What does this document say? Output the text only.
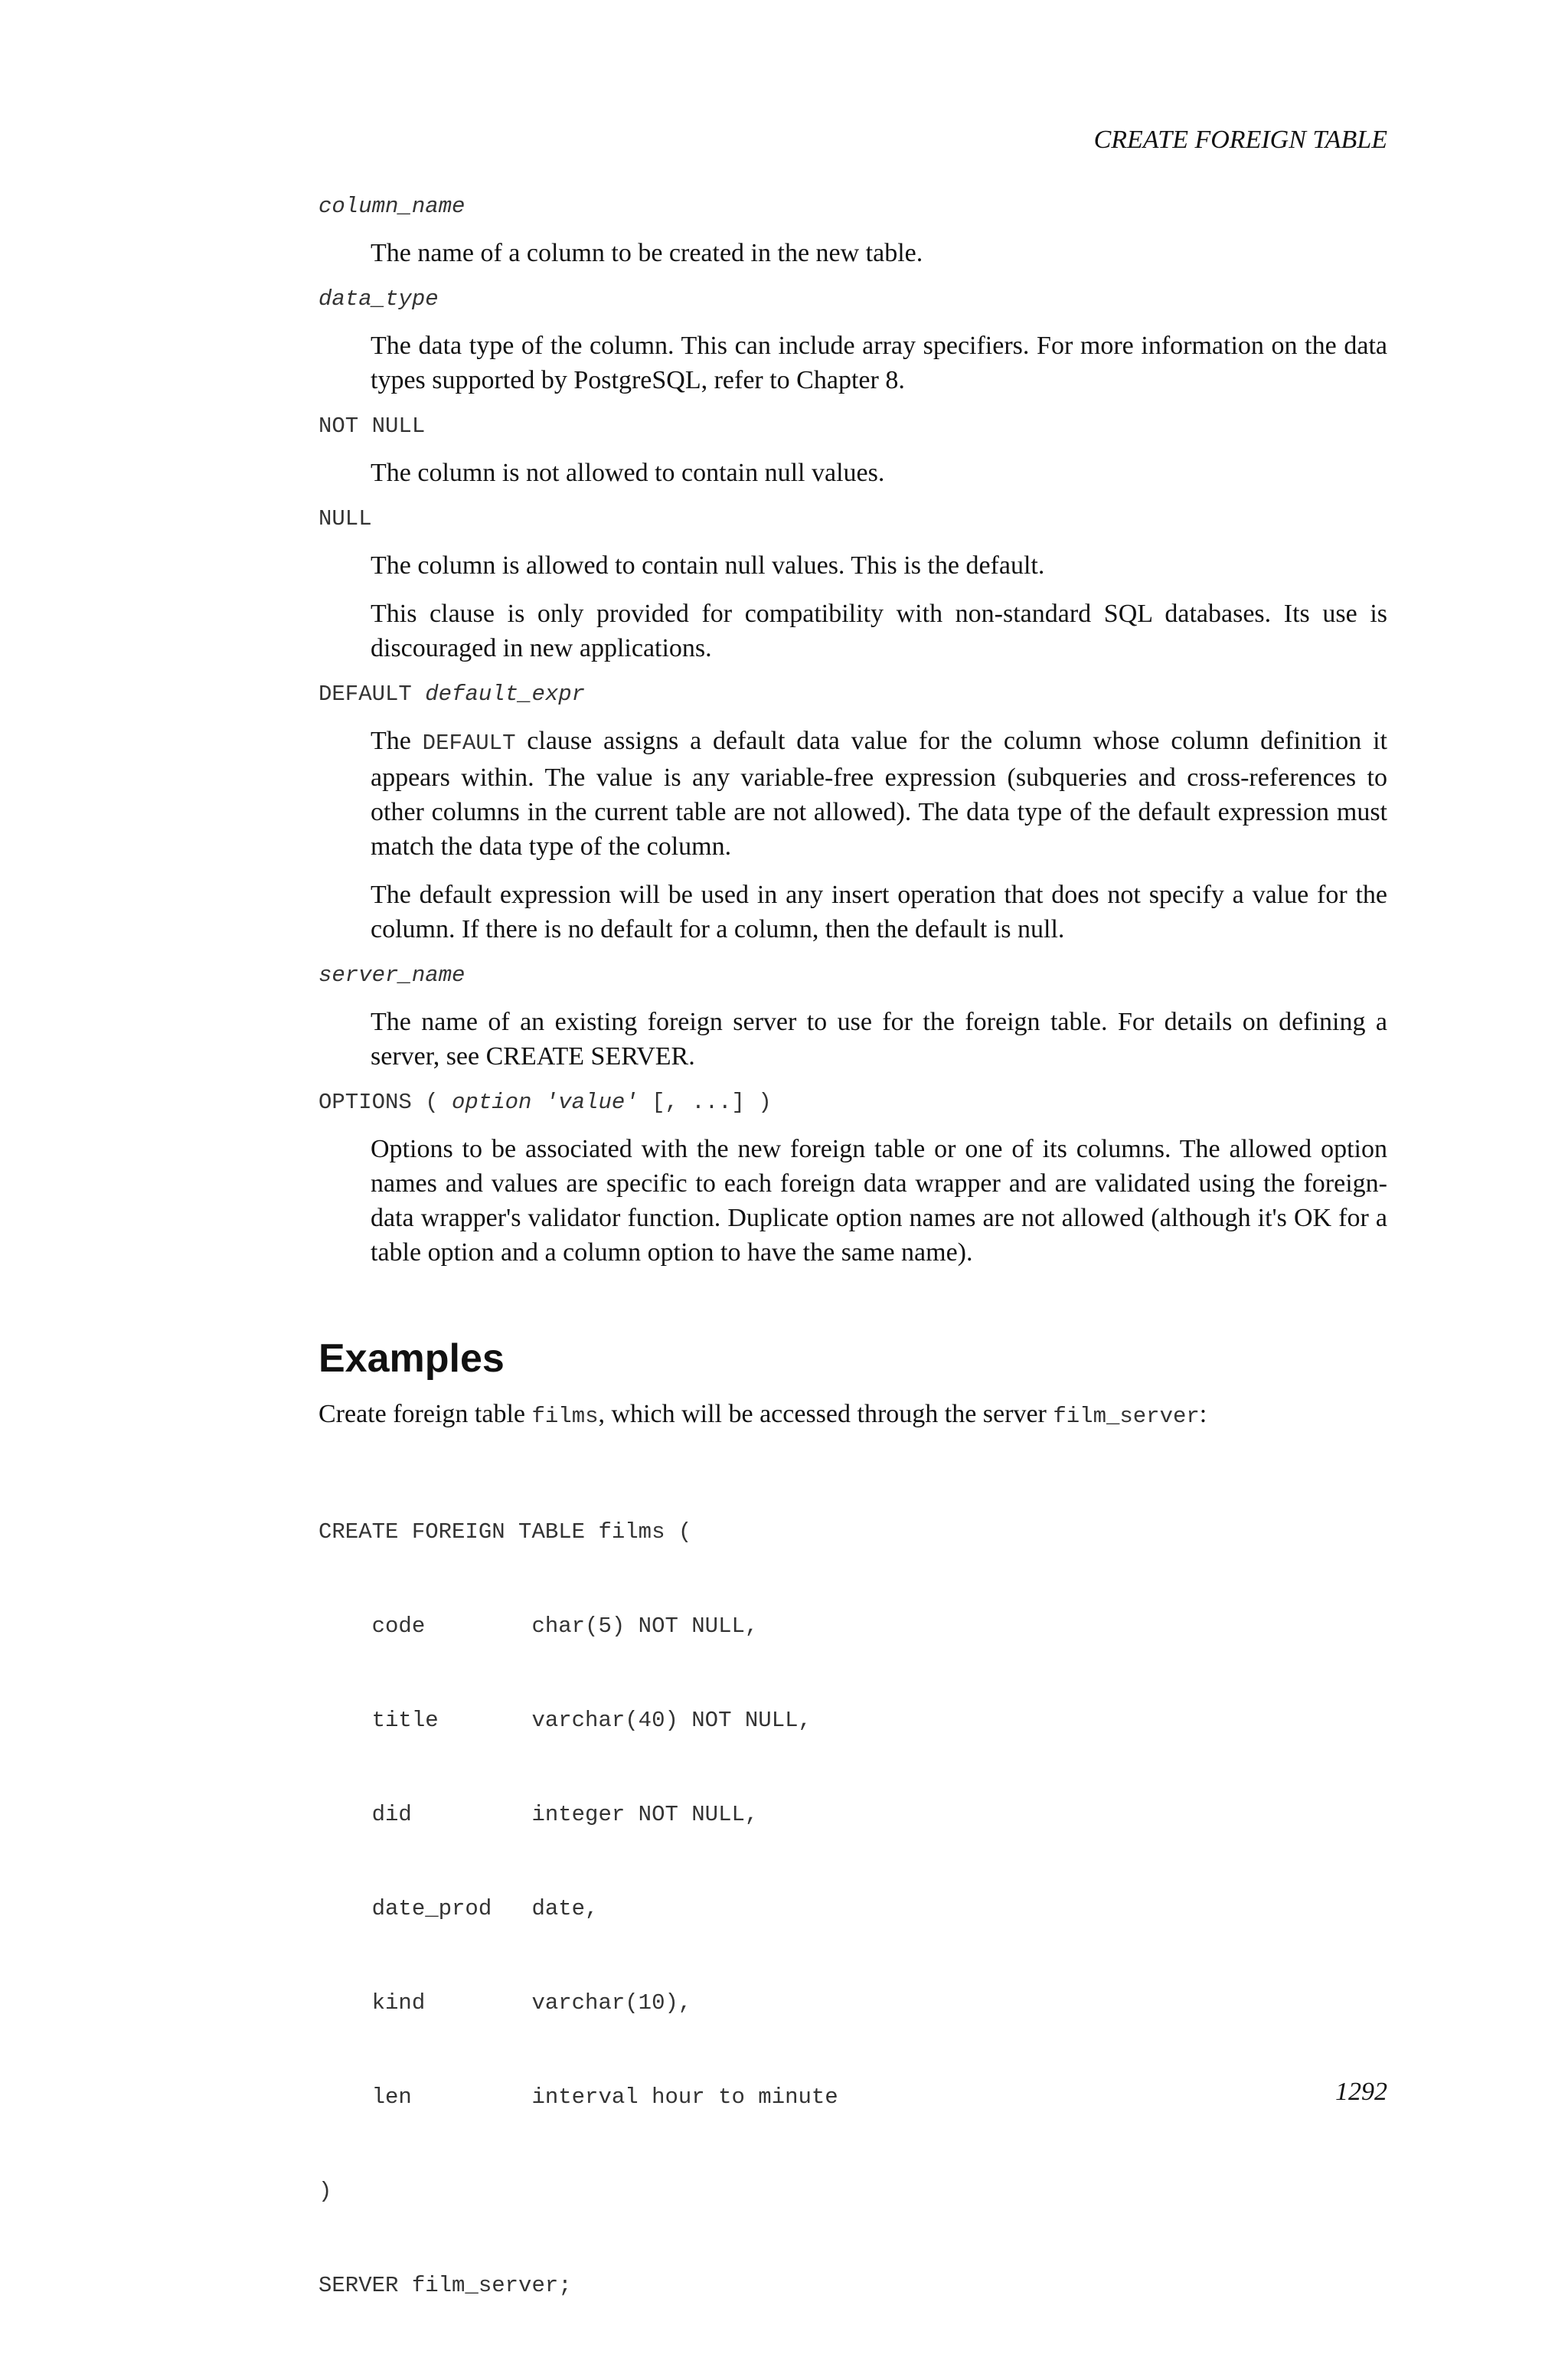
CREATE FOREIGN TABLE
column_name
The name of a column to be created in the new table.
data_type
The data type of the column. This can include array specifiers. For more information on the data types supported by PostgreSQL, refer to Chapter 8.
NOT NULL
The column is not allowed to contain null values.
NULL
The column is allowed to contain null values. This is the default.
This clause is only provided for compatibility with non-standard SQL databases. Its use is discouraged in new applications.
DEFAULT default_expr
The DEFAULT clause assigns a default data value for the column whose column definition it appears within. The value is any variable-free expression (subqueries and cross-references to other columns in the current table are not allowed). The data type of the default expression must match the data type of the column.
The default expression will be used in any insert operation that does not specify a value for the column. If there is no default for a column, then the default is null.
server_name
The name of an existing foreign server to use for the foreign table. For details on defining a server, see CREATE SERVER.
OPTIONS ( option 'value' [, ...] )
Options to be associated with the new foreign table or one of its columns. The allowed option names and values are specific to each foreign data wrapper and are validated using the foreign-data wrapper's validator function. Duplicate option names are not allowed (although it's OK for a table option and a column option to have the same name).
Examples
Create foreign table films, which will be accessed through the server film_server:

CREATE FOREIGN TABLE films (

code        char(5) NOT NULL,

title       varchar(40) NOT NULL,

did         integer NOT NULL,

date_prod   date,

kind        varchar(10),

len         interval hour to minute

)

SERVER film_server;

1292
